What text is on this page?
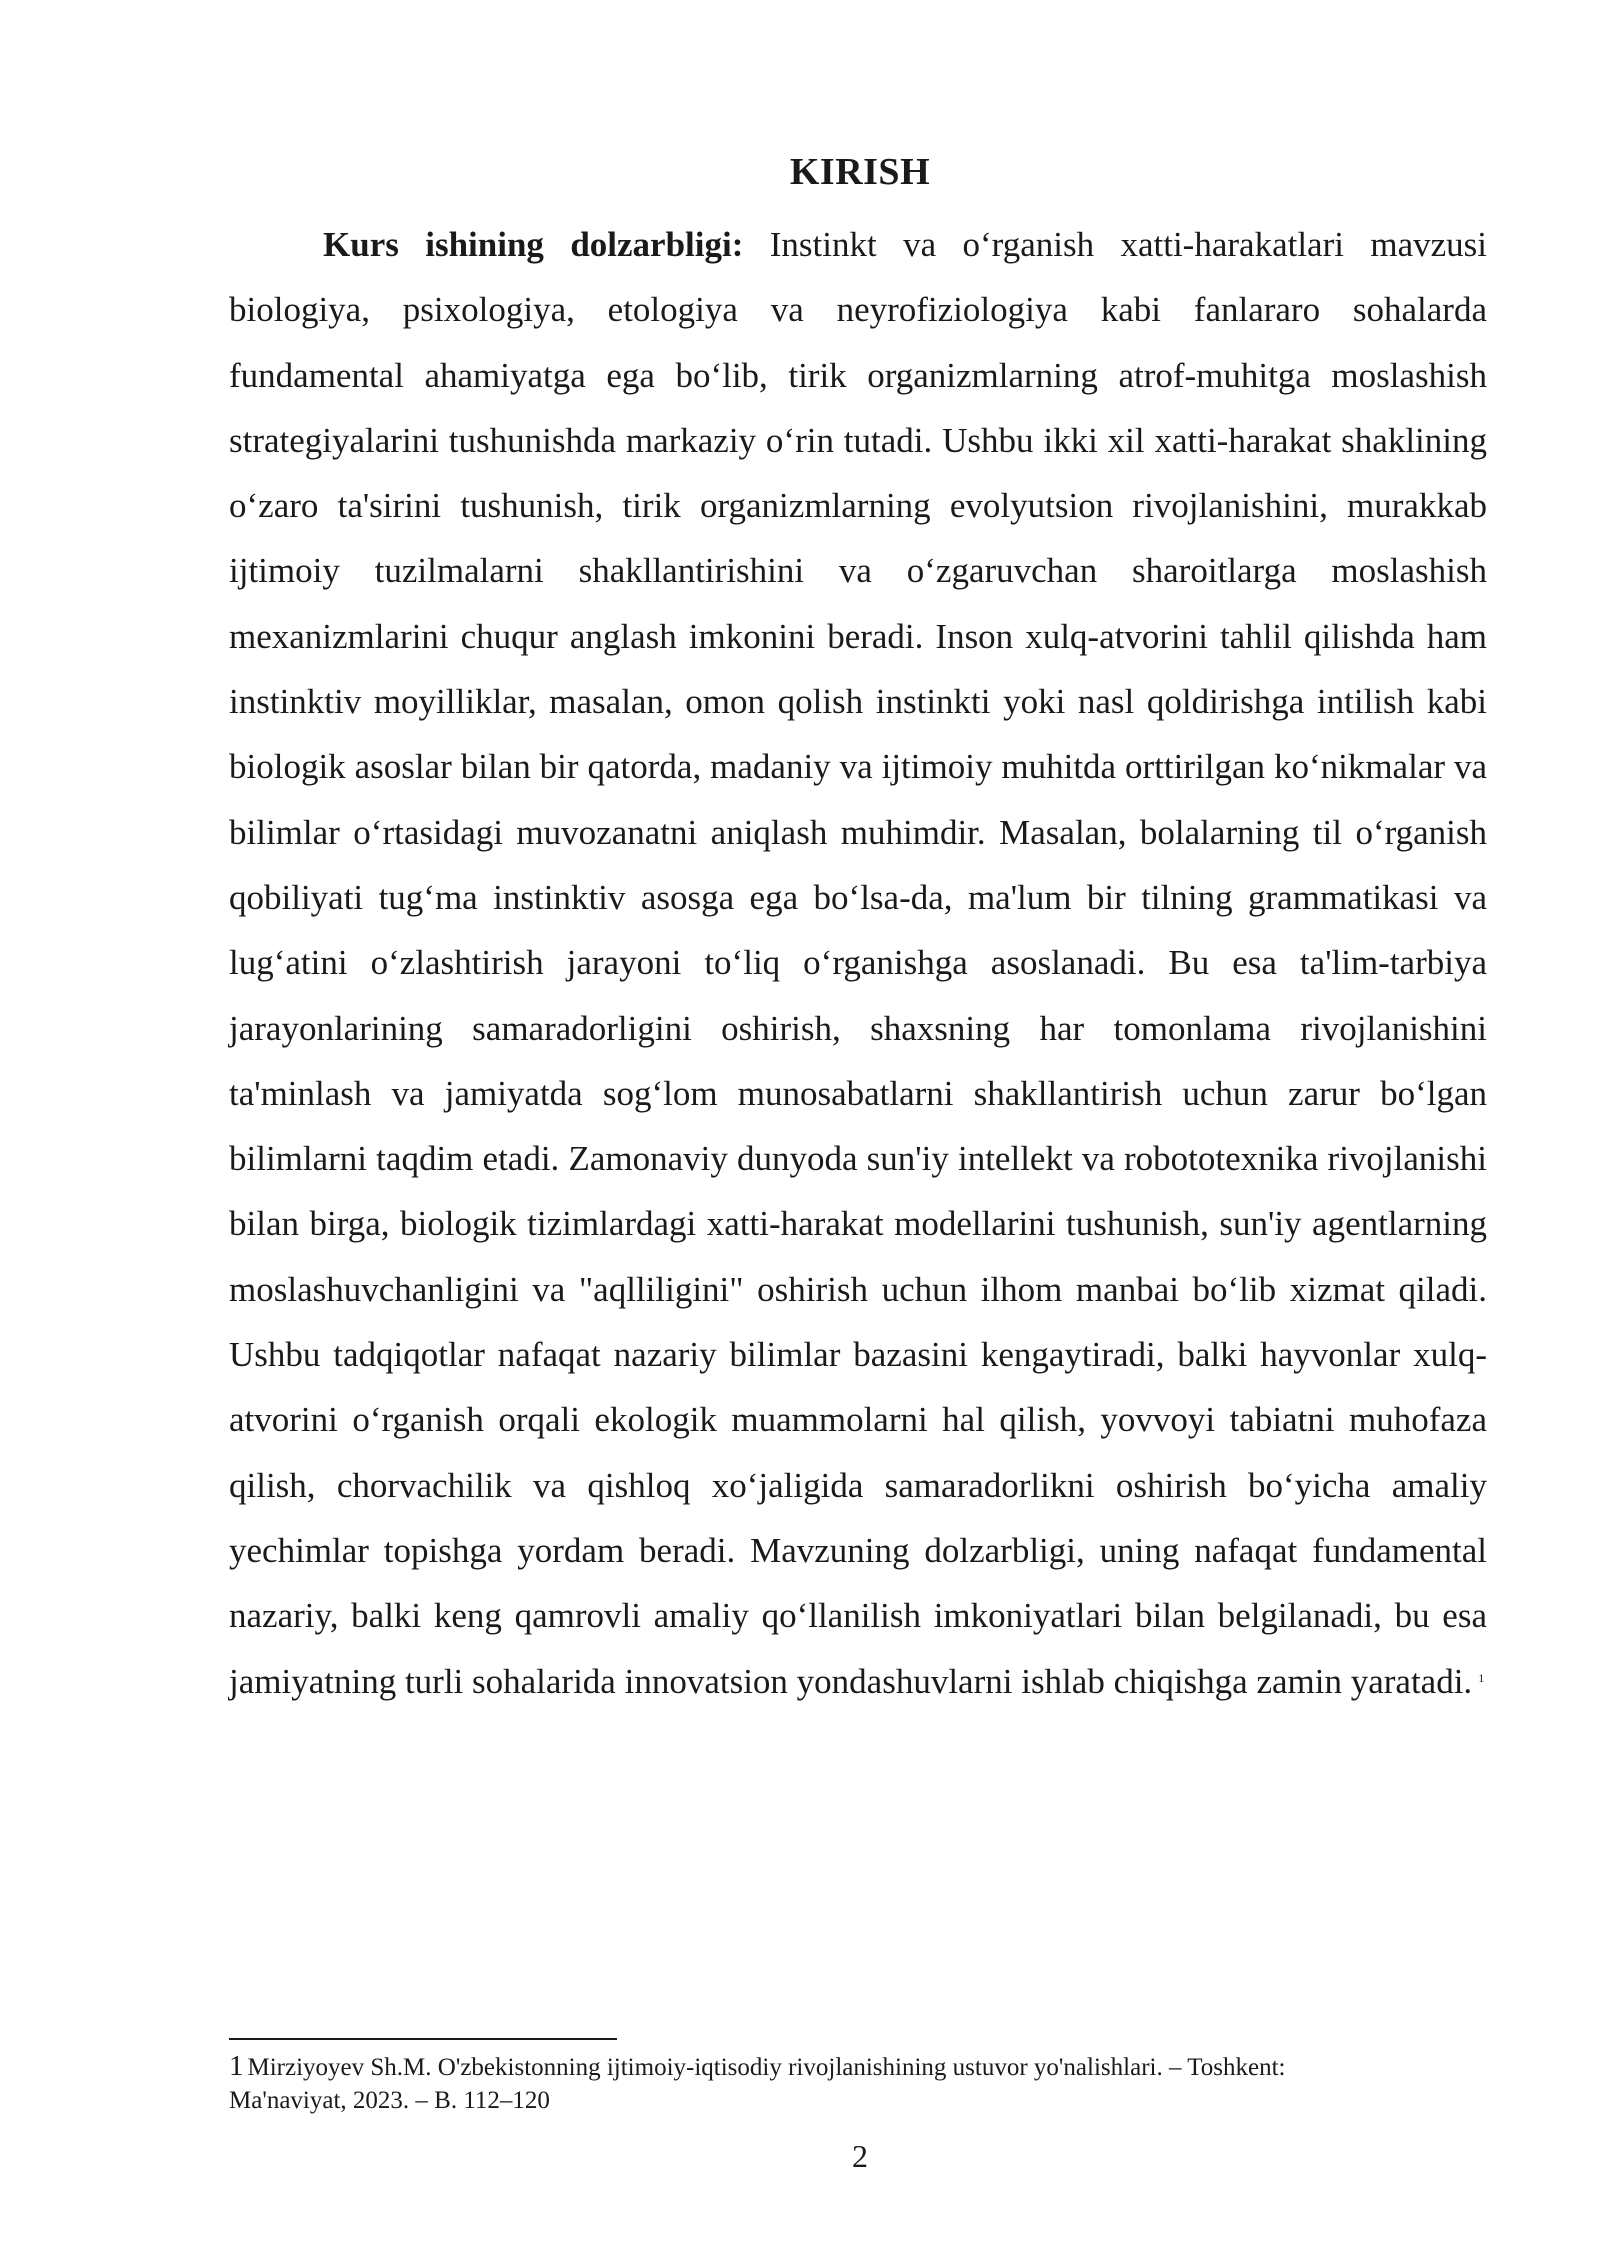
KIRISH

Kurs ishining dolzarbligi: Instinkt va o‘rganish xatti-harakatlari mavzusi biologiya, psixologiya, etologiya va neyrofiziologiya kabi fanlararo sohalarda fundamental ahamiyatga ega bo‘lib, tirik organizmlarning atrof-muhitga moslashish strategiyalarini tushunishda markaziy o‘rin tutadi. Ushbu ikki xil xatti-harakat shaklining o‘zaro ta'sirini tushunish, tirik organizmlarning evolyutsion rivojlanishini, murakkab ijtimoiy tuzilmalarni shakllantirishini va o‘zgaruvchan sharoitlarga moslashish mexanizmlarini chuqur anglash imkonini beradi. Inson xulq-atvorini tahlil qilishda ham instinktiv moyilliklar, masalan, omon qolish instinkti yoki nasl qoldirishga intilish kabi biologik asoslar bilan bir qatorda, madaniy va ijtimoiy muhitda orttirilgan ko‘nikmalar va bilimlar o‘rtasidagi muvozanatni aniqlash muhimdir. Masalan, bolalarning til o‘rganish qobiliyati tug‘ma instinktiv asosga ega bo‘lsa-da, ma'lum bir tilning grammatikasi va lug‘atini o‘zlashtirish jarayoni to‘liq o‘rganishga asoslanadi. Bu esa ta'lim-tarbiya jarayonlarining samaradorligini oshirish, shaxsning har tomonlama rivojlanishini ta'minlash va jamiyatda sog‘lom munosabatlarni shakllantirish uchun zarur bo‘lgan bilimlarni taqdim etadi. Zamonaviy dunyoda sun'iy intellekt va robototexnika rivojlanishi bilan birga, biologik tizimlardagi xatti-harakat modellarini tushunish, sun'iy agentlarning moslashuvchanligini va "aqlliligini" oshirish uchun ilhom manbai bo‘lib xizmat qiladi. Ushbu tadqiqotlar nafaqat nazariy bilimlar bazasini kengaytiradi, balki hayvonlar xulq-atvorini o‘rganish orqali ekologik muammolarni hal qilish, yovvoyi tabiatni muhofaza qilish, chorvachilik va qishloq xo‘jaligida samaradorlikni oshirish bo‘yicha amaliy yechimlar topishga yordam beradi. Mavzuning dolzarbligi, uning nafaqat fundamental nazariy, balki keng qamrovli amaliy qo‘llanilish imkoniyatlari bilan belgilanadi, bu esa jamiyatning turli sohalarida innovatsion yondashuvlarni ishlab chiqishga zamin yaratadi. $^1$

1 Mirziyoyev Sh.M. O'zbekistonning ijtimoiy-iqtisodiy rivojlanishining ustuvor yo'nalishlari. – Toshkent: Ma'naviyat, 2023. – B. 112–120

2
